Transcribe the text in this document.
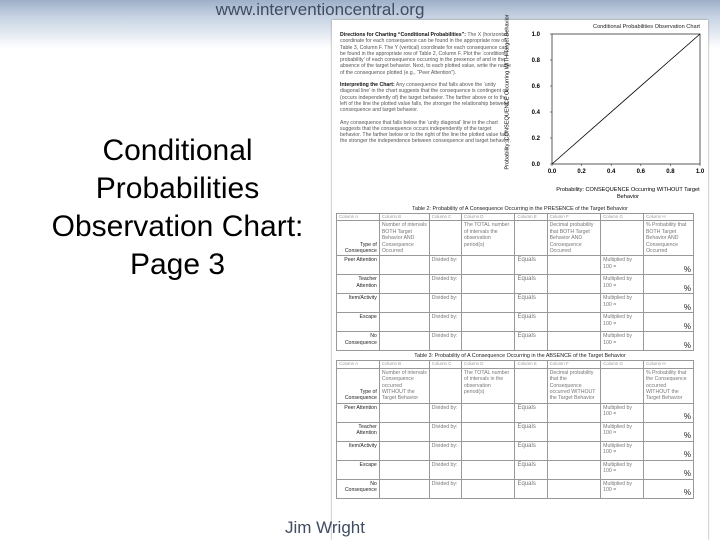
www.interventioncentral.org
Conditional
Probabilities
Observation Chart:
Page 3

Directions for Charting “Conditional Probabilities”: The X (horizontal) coordinate for each consequence can be found in the appropriate row of Table 3, Column F. The Y (vertical) coordinate for each consequence can be found in the appropriate row of Table 2, Column F. Plot the ‘conditional probability’ of each consequence occurring in the presence of and in the absence of the target behavior. Next, to each plotted value, write the name of the consequence plotted (e.g., “Peer Attention”).

Interpreting the Chart: Any consequence that falls above the ‘unity diagonal line’ in the chart suggests that the consequence is contingent on (occurs independently of) the target behavior. The farther above or to the left of the line the plotted value falls, the stronger the relationship between consequence and target behavior.

Any consequence that falls below the ‘unity diagonal’ line in the chart suggests that the consequence occurs independently of the target behavior. The farther below or to the right of the line the plotted value falls, the stronger the independence between consequence and target behavior.

Conditional Probabilities Observation Chart
Probability: CONSEQUENCE Occurring WITH Target Behavior
Probability: CONSEQUENCE Occurring WITHOUT Target Behavior
0.0	0.2	0.4	0.6	0.8	1.0
0.0
0.2
0.4
0.6
0.8
1.0
Table 2: Probability of A Consequence Occurring in the PRESENCE of the Target Behavior
Column A	Column B	Column C	Column D	Column E	Column F	Column G	Column H
Type of Consequence	Number of intervals BOTH Target Behavior AND Consequence Occurred		The TOTAL number of intervals the observation period(s)		Decimal probability that BOTH Target Behavior AND Consequence Occurred		% Probability that BOTH Target Behavior AND Consequence Occurred
Peer Attention		Divided by:		Equals		Multiplied by 100 =	%
Teacher Attention		Divided by:		Equals		Multiplied by 100 =	%
Item/Activity		Divided by:		Equals		Multiplied by 100 =	%
Escape		Divided by:		Equals		Multiplied by 100 =	%
No Consequence		Divided by:		Equals		Multiplied by 100 =	%
Table 3: Probability of A Consequence Occurring in the ABSENCE of the Target Behavior
Column A	Column B	Column C	Column D	Column E	Column F	Column G	Column H
Type of Consequence	Number of intervals Consequence occurred WITHOUT the Target Behavior		The TOTAL number of intervals in the observation period(s)		Decimal probability that the Consequence occurred WITHOUT the Target Behavior		% Probability that the Consequence occurred WITHOUT the Target Behavior
Peer Attention		Divided by:		Equals		Multiplied by 100 =	%
Teacher Attention		Divided by:		Equals		Multiplied by 100 =	%
Item/Activity		Divided by:		Equals		Multiplied by 100 =	%
Escape		Divided by:		Equals		Multiplied by 100 =	%
No Consequence		Divided by:		Equals		Multiplied by 100 =	%
Jim Wright
